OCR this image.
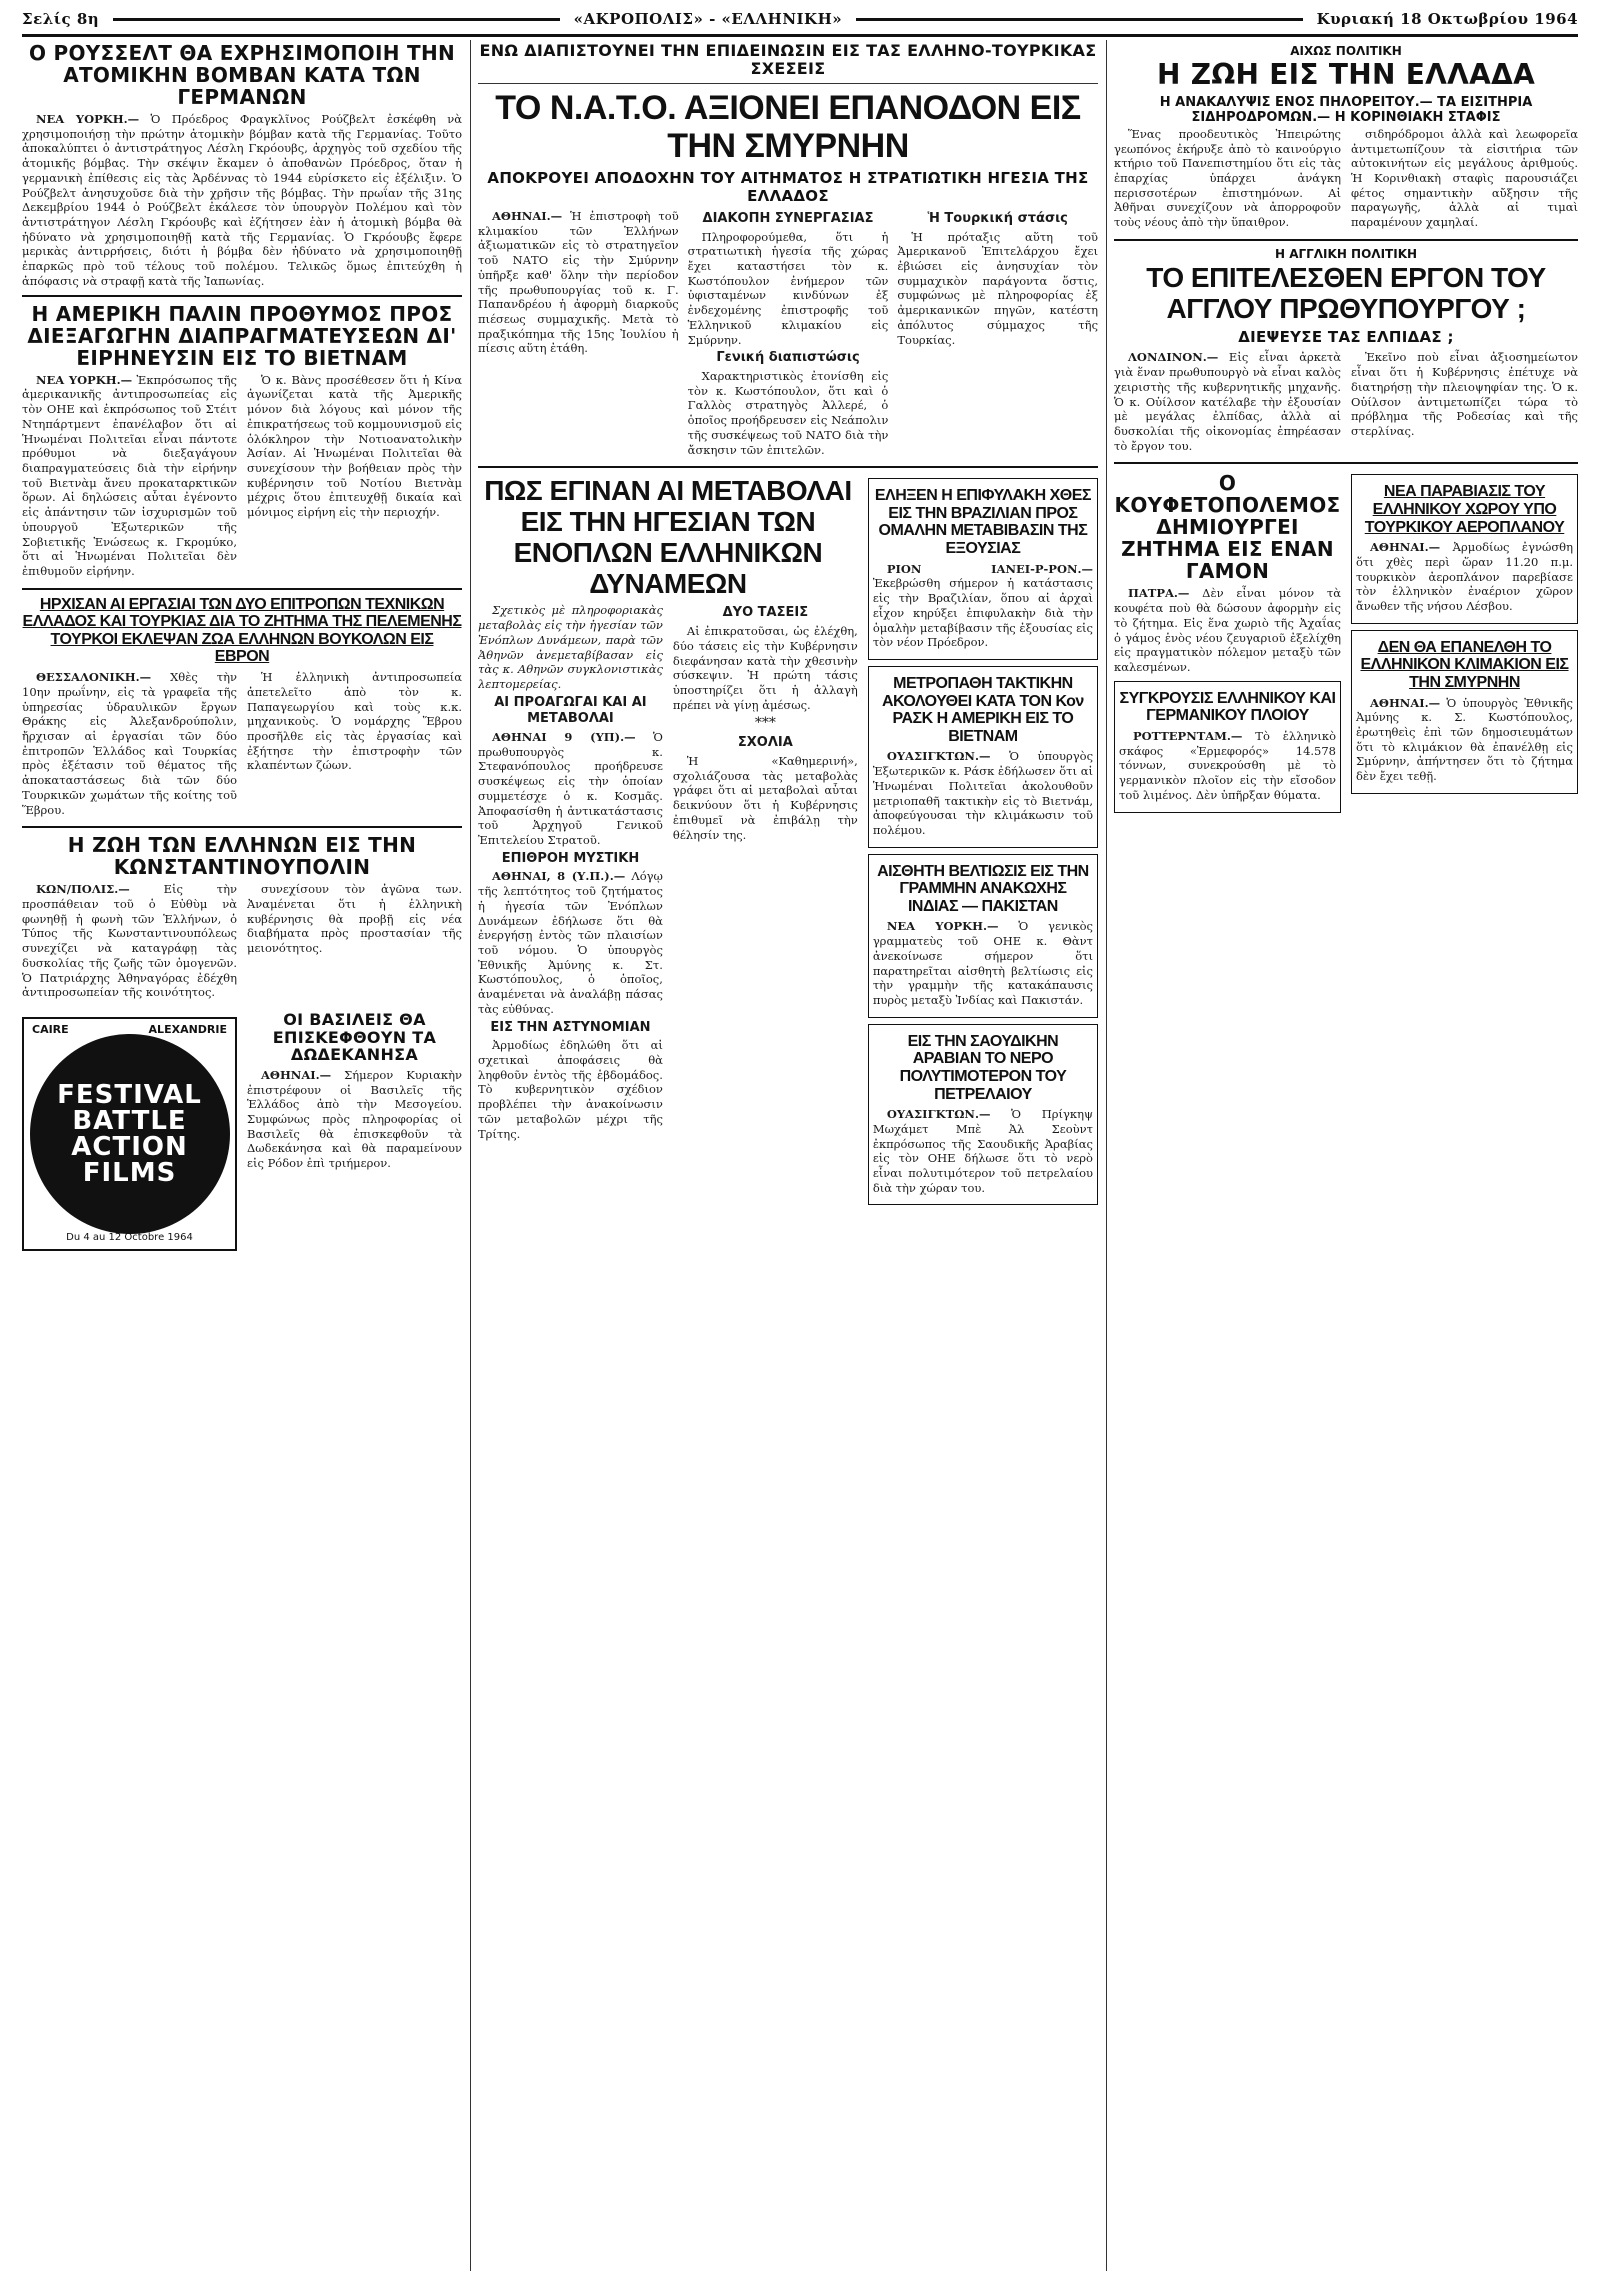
Σελίς 8η	«ΑΚΡΟΠΟΛΙΣ» - «ΕΛΛΗΝΙΚΗ»	Κυριακή 18 Οκτωβρίου 1964
Ο ΡΟΥΣΣΕΛΤ ΘΑ ΕΧΡΗΣΙΜΟΠΟΙΗ ΤΗΝ ΑΤΟΜΙΚΗΝ ΒΟΜΒΑΝ ΚΑΤΑ ΤΩΝ ΓΕΡΜΑΝΩΝ

ΝΕΑ ΥΟΡΚΗ.— Ὁ Πρόεδρος Φραγκλῖνος Ρούζβελτ ἐσκέφθη νὰ χρησιμοποιήσῃ τὴν πρώτην ἀτομικὴν βόμβαν κατὰ τῆς Γερμανίας. Τοῦτο ἀποκαλύπτει ὁ ἀντιστράτηγος Λέσλη Γκρόουβς, ἀρχηγὸς τοῦ σχεδίου τῆς ἀτομικῆς βόμβας. Τὴν σκέψιν ἔκαμεν ὁ ἀποθανὼν Πρόεδρος, ὅταν ἡ γερμανικὴ ἐπίθεσις εἰς τὰς Ἀρδέννας τὸ 1944 εὑρίσκετο εἰς ἐξέλιξιν. Ὁ Ρούζβελτ ἀνησυχοῦσε διὰ τὴν χρῆσιν τῆς βόμβας. Τὴν πρωΐαν τῆς 31ης Δεκεμβρίου 1944 ὁ Ρούζβελτ ἐκάλεσε τὸν ὑπουργὸν Πολέμου καὶ τὸν ἀντιστράτηγον Λέσλη Γκρόουβς καὶ ἐζήτησεν ἐὰν ἡ ἀτομικὴ βόμβα θὰ ἠδύνατο νὰ χρησιμοποιηθῇ κατὰ τῆς Γερμανίας. Ὁ Γκρόουβς ἔφερε μερικὰς ἀντιρρήσεις, διότι ἡ βόμβα δὲν ἠδύνατο νὰ χρησιμοποιηθῇ ἐπαρκῶς πρὸ τοῦ τέλους τοῦ πολέμου. Τελικῶς ὅμως ἐπιτεύχθη ἡ ἀπόφασις νὰ στραφῇ κατὰ τῆς Ἰαπωνίας.

Η ΑΜΕΡΙΚΗ ΠΑΛΙΝ ΠΡΟΘΥΜΟΣ ΠΡΟΣ ΔΙΕΞΑΓΩΓΗΝ ΔΙΑΠΡΑΓΜΑΤΕΥΣΕΩΝ ΔΙ' ΕΙΡΗΝΕΥΣΙΝ ΕΙΣ ΤΟ ΒΙΕΤΝΑΜ

ΝΕΑ ΥΟΡΚΗ.— Ἐκπρόσωπος τῆς ἀμερικανικῆς ἀντιπροσωπείας εἰς τὸν ΟΗΕ καὶ ἐκπρόσωπος τοῦ Στέιτ Ντηπάρτμεντ ἐπανέλαβον ὅτι αἱ Ἡνωμέναι Πολιτεῖαι εἶναι πάντοτε πρόθυμοι νὰ διεξαγάγουν διαπραγματεύσεις διὰ τὴν εἰρήνην τοῦ Βιετνὰμ ἄνευ προκαταρκτικῶν ὅρων. Αἱ δηλώσεις αὗται ἐγένοντο εἰς ἀπάντησιν τῶν ἰσχυρισμῶν τοῦ ὑπουργοῦ Ἐξωτερικῶν τῆς Σοβιετικῆς Ἑνώσεως κ. Γκρομύκο, ὅτι αἱ Ἡνωμέναι Πολιτεῖαι δὲν ἐπιθυμοῦν εἰρήνην.

Ὁ κ. Βὰνς προσέθεσεν ὅτι ἡ Κίνα ἀγωνίζεται κατὰ τῆς Ἀμερικῆς μόνον διὰ λόγους καὶ μόνον τῆς ἐπικρατήσεως τοῦ κομμουνισμοῦ εἰς ὁλόκληρον τὴν Νοτιοανατολικὴν Ἀσίαν. Αἱ Ἡνωμέναι Πολιτεῖαι θὰ συνεχίσουν τὴν βοήθειαν πρὸς τὴν κυβέρνησιν τοῦ Νοτίου Βιετνὰμ μέχρις ὅτου ἐπιτευχθῇ δικαία καὶ μόνιμος εἰρήνη εἰς τὴν περιοχήν.

ΗΡΧΙΣΑΝ ΑΙ ΕΡΓΑΣΙΑΙ ΤΩΝ ΔΥΟ ΕΠΙΤΡΟΠΩΝ ΤΕΧΝΙΚΩΝ ΕΛΛΑΔΟΣ ΚΑΙ ΤΟΥΡΚΙΑΣ ΔΙΑ ΤΟ ΖΗΤΗΜΑ ΤΗΣ ΠΕΛΕΜΕΝΗΣ ΤΟΥΡΚΟΙ ΕΚΛΕΨΑΝ ΖΩΑ ΕΛΛΗΝΩΝ ΒΟΥΚΟΛΩΝ ΕΙΣ ΕΒΡΟΝ

ΘΕΣΣΑΛΟΝΙΚΗ.— Χθὲς τὴν 10ην πρωΐνην, εἰς τὰ γραφεῖα τῆς ὑπηρεσίας ὑδραυλικῶν ἔργων Θράκης εἰς Ἀλεξανδρούπολιν, ἤρχισαν αἱ ἐργασίαι τῶν δύο ἐπιτροπῶν Ἑλλάδος καὶ Τουρκίας πρὸς ἐξέτασιν τοῦ θέματος τῆς ἀποκαταστάσεως διὰ τῶν δύο Τουρκικῶν χωμάτων τῆς κοίτης τοῦ Ἕβρου.

Ἡ ἑλληνικὴ ἀντιπροσωπεία ἀπετελεῖτο ἀπὸ τὸν κ. Παπαγεωργίου καὶ τοὺς κ.κ. μηχανικοὺς. Ὁ νομάρχης Ἕβρου προσῆλθε εἰς τὰς ἐργασίας καὶ ἐξήτησε τὴν ἐπιστροφὴν τῶν κλαπέντων ζώων.

Η ΖΩΗ ΤΩΝ ΕΛΛΗΝΩΝ ΕΙΣ ΤΗΝ ΚΩΝΣΤΑΝΤΙΝΟΥΠΟΛΙΝ

ΚΩΝ/ΠΟΛΙΣ.—	Εἰς τὴν προσπάθειαν τοῦ ὁ Εὐθὺμ νὰ φωνηθῇ ἡ φωνὴ τῶν Ἑλλήνων, ὁ Τύπος τῆς Κωνσταντινουπόλεως συνεχίζει νὰ καταγράφῃ τὰς δυσκολίας τῆς ζωῆς τῶν ὁμογενῶν. Ὁ Πατριάρχης Ἀθηναγόρας ἐδέχθη ἀντιπροσωπείαν τῆς κοινότητος.

συνεχίσουν τὸν ἀγῶνα των. Ἀναμένεται ὅτι ἡ ἑλληνικὴ κυβέρνησις θὰ προβῇ εἰς νέα διαβήματα πρὸς προστασίαν τῆς μειονότητος.

CAIRE	ALEXANDRIE
FESTIVAL
BATTLE
ACTION
FILMS
Du 4 au 12 Octobre 1964
ΟΙ ΒΑΣΙΛΕΙΣ ΘΑ ΕΠΙΣΚΕΦΘΟΥΝ ΤΑ ΔΩΔΕΚΑΝΗΣΑ

ΑΘΗΝΑΙ.— Σήμερον Κυριακὴν ἐπιστρέφουν οἱ Βασιλεῖς τῆς Ἑλλάδος ἀπὸ τὴν Μεσογείου. Συμφώνως πρὸς πληροφορίας οἱ Βασιλεῖς θὰ ἐπισκεφθοῦν τὰ Δωδεκάνησα καὶ θὰ παραμείνουν εἰς Ρόδον ἐπὶ τριήμερον.

ΕΝΩ ΔΙΑΠΙΣΤΟΥΝΕΙ ΤΗΝ ΕΠΙΔΕΙΝΩΣΙΝ ΕΙΣ ΤΑΣ ΕΛΛΗΝΟ-ΤΟΥΡΚΙΚΑΣ ΣΧΕΣΕΙΣ
ΤΟ Ν.Α.Τ.Ο. ΑΞΙΟΝΕΙ ΕΠΑΝΟΔΟΝ ΕΙΣ ΤΗΝ ΣΜΥΡΝΗΝ
ΑΠΟΚΡΟΥΕΙ ΑΠΟΔΟΧΗΝ ΤΟΥ ΑΙΤΗΜΑΤΟΣ Η ΣΤΡΑΤΙΩΤΙΚΗ ΗΓΕΣΙΑ ΤΗΣ ΕΛΛΑΔΟΣ

ΑΘΗΝΑΙ.— Ἡ ἐπιστροφὴ τοῦ κλιμακίου τῶν Ἑλλήνων ἀξιωματικῶν εἰς τὸ στρατηγεῖον τοῦ ΝΑΤΟ εἰς τὴν Σμύρνην ὑπῆρξε καθ' ὅλην τὴν περίοδον τῆς πρωθυπουργίας τοῦ κ. Γ. Παπανδρέου ἡ ἀφορμὴ διαρκοῦς πιέσεως συμμαχικῆς. Μετὰ τὸ πραξικόπημα τῆς 15ης Ἰουλίου ἡ πίεσις αὕτη ἐτάθη.

ΔΙΑΚΟΠΗ ΣΥΝΕΡΓΑΣΙΑΣ

Πληροφορούμεθα, ὅτι ἡ στρατιωτικὴ ἡγεσία τῆς χώρας ἔχει καταστήσει τὸν κ. Κωστόπουλον ἐνήμερον τῶν ὑφισταμένων κινδύνων ἐξ ἐνδεχομένης ἐπιστροφῆς τοῦ Ἑλληνικοῦ κλιμακίου εἰς Σμύρνην.

Γενική διαπιστώσις

Χαρακτηριστικὸς ἐτονίσθη εἰς τὸν κ. Κωστόπουλον, ὅτι καὶ ὁ Γαλλὸς στρατηγὸς Ἀλλερέ, ὁ ὁποῖος προήδρευσεν εἰς Νεάπολιν τῆς συσκέψεως τοῦ ΝΑΤΟ διὰ τὴν ἄσκησιν τῶν ἐπιτελῶν.

Ἡ Τουρκική στάσις

Ἡ πρόταξις αὕτη τοῦ Ἀμερικανοῦ Ἐπιτελάρχου ἔχει ἐβιώσει εἰς ἀνησυχίαν τὸν συμμαχικὸν παράγοντα ὅστις, συμφώνως μὲ πληροφορίας ἐξ ἀμερικανικῶν πηγῶν, κατέστη ἀπόλυτος σύμμαχος τῆς Τουρκίας.

ΠΩΣ ΕΓΙΝΑΝ ΑΙ ΜΕΤΑΒΟΛΑΙ ΕΙΣ ΤΗΝ ΗΓΕΣΙΑΝ ΤΩΝ ΕΝΟΠΛΩΝ ΕΛΛΗΝΙΚΩΝ ΔΥΝΑΜΕΩΝ

Σχετικὸς μὲ πληροφοριακὰς μεταβολὰς εἰς τὴν ἡγεσίαν τῶν Ἐνόπλων Δυνάμεων, παρὰ τῶν Ἀθηνῶν ἀνεμεταβίβασαν εἰς τὰς κ. Αθηνῶν συγκλονιστικὰς λεπτομερείας.

ΑΙ ΠΡΟΑΓΩΓΑΙ ΚΑΙ ΑΙ ΜΕΤΑΒΟΛΑΙ

ΑΘΗΝΑΙ 9 (ΥΠ).— Ὁ πρωθυπουργὸς κ. Στεφανόπουλος προήδρευσε συσκέψεως εἰς τὴν ὁποίαν συμμετέσχε ὁ κ. Κοσμᾶς. Ἀποφασίσθη ἡ ἀντικατάστασις τοῦ Ἀρχηγοῦ Γενικοῦ Ἐπιτελείου Στρατοῦ.

ΕΠΙΘΡΟΗ ΜΥΣΤΙΚΗ

ΑΘΗΝΑΙ, 8 (Υ.Π.).— Λόγῳ τῆς λεπτότητος τοῦ ζητήματος ἡ ἡγεσία τῶν Ἐνόπλων Δυνάμεων ἐδήλωσε ὅτι θὰ ἐνεργήσῃ ἐντὸς τῶν πλαισίων τοῦ νόμου. Ὁ ὑπουργὸς Ἐθνικῆς Ἀμύνης κ. Στ. Κωστόπουλος, ὁ ὁποῖος, ἀναμένεται νὰ ἀναλάβῃ πάσας τὰς εὐθύνας.

ΕΙΣ ΤΗΝ ΑΣΤΥΝΟΜΙΑΝ

Ἀρμοδίως ἐδηλώθη ὅτι αἱ σχετικαὶ ἀποφάσεις θὰ ληφθοῦν ἐντὸς τῆς ἑβδομάδος. Τὸ κυβερνητικὸν σχέδιον προβλέπει τὴν ἀνακοίνωσιν τῶν μεταβολῶν μέχρι τῆς Τρίτης.

ΔΥΟ ΤΑΣΕΙΣ

Αἱ ἐπικρατοῦσαι, ὡς ἐλέχθη, δύο τάσεις εἰς τὴν Κυβέρνησιν διεφάνησαν κατὰ τὴν χθεσινὴν σύσκεψιν. Ἡ πρώτη τάσις ὑποστηρίζει ὅτι ἡ ἀλλαγὴ πρέπει νὰ γίνῃ ἀμέσως.

***
ΣΧΟΛΙΑ

Ἡ «Καθημερινή», σχολιάζουσα τὰς μεταβολὰς γράφει ὅτι αἱ μεταβολαὶ αὗται δεικνύουν ὅτι ἡ Κυβέρνησις ἐπιθυμεῖ νὰ ἐπιβάλῃ τὴν θέλησίν της.

ΕΛΗΞΕΝ Η ΕΠΙΦΥΛΑΚΗ ΧΘΕΣ ΕΙΣ ΤΗΝ ΒΡΑΖΙΛΙΑΝ ΠΡΟΣ ΟΜΑΛΗΝ ΜΕΤΑΒΙΒΑΣΙΝ ΤΗΣ ΕΞΟΥΣΙΑΣ

ΡΙΟΝ ΙΑΝΕΙ-Ρ-ΡΟΝ.— Ἐκεβρώσθη σήμερον ἡ κατάστασις εἰς τὴν Βραζιλίαν, ὅπου αἱ ἀρχαὶ εἶχον κηρύξει ἐπιφυλακὴν διὰ τὴν ὁμαλὴν μεταβίβασιν τῆς ἐξουσίας εἰς τὸν νέον Πρόεδρον.

ΜΕΤΡΟΠΑΘΗ ΤΑΚΤΙΚΗΝ ΑΚΟΛΟΥΘΕΙ ΚΑΤΑ ΤΟΝ Κον ΡΑΣΚ Η ΑΜΕΡΙΚΗ ΕΙΣ ΤΟ ΒΙΕΤΝΑΜ

ΟΥΑΣΙΓΚΤΩΝ.— Ὁ ὑπουργὸς Ἐξωτερικῶν κ. Ράσκ ἐδήλωσεν ὅτι αἱ Ἡνωμέναι Πολιτεῖαι ἀκολουθοῦν μετριοπαθῆ τακτικὴν εἰς τὸ Βιετνάμ, ἀποφεύγουσαι τὴν κλιμάκωσιν τοῦ πολέμου.

ΑΙΣΘΗΤΗ ΒΕΛΤΙΩΣΙΣ ΕΙΣ ΤΗΝ ΓΡΑΜΜΗΝ ΑΝΑΚΩΧΗΣ ΙΝΔΙΑΣ — ΠΑΚΙΣΤΑΝ

ΝΕΑ ΥΟΡΚΗ.— Ὁ γενικὸς γραμματεὺς τοῦ ΟΗΕ κ. Θὰντ ἀνεκοίνωσε σήμερον ὅτι παρατηρεῖται αἰσθητὴ βελτίωσις εἰς τὴν γραμμὴν τῆς κατακάπαυσις πυρὸς μεταξὺ Ἰνδίας καὶ Πακιστάν.

ΕΙΣ ΤΗΝ ΣΑΟΥΔΙΚΗΝ ΑΡΑΒΙΑΝ ΤΟ ΝΕΡΟ ΠΟΛΥΤΙΜΟΤΕΡΟΝ ΤΟΥ ΠΕΤΡΕΛΑΙΟΥ

ΟΥΑΣΙΓΚΤΩΝ.— Ὁ Πρίγκηψ Μωχάμετ Μπὲ Ἀλ Σεοὺντ ἐκπρόσωπος τῆς Σαουδικῆς Ἀραβίας εἰς τὸν ΟΗΕ δήλωσε ὅτι τὸ νερὸ εἶναι πολυτιμότερον τοῦ πετρελαίου διὰ τὴν χώραν του.

ΑΙΧΩΣ ΠΟΛΙΤΙΚΗ
Η ΖΩΗ ΕΙΣ ΤΗΝ ΕΛΛΑΔΑ
Η ΑΝΑΚΑΛΥΨΙΣ ΕΝΟΣ ΠΗΛΟΡΕΙΤΟΥ.— ΤΑ ΕΙΣΙΤΗΡΙΑ ΣΙΔΗΡΟΔΡΟΜΩΝ.— Η ΚΟΡΙΝΘΙΑΚΗ ΣΤΑΦΙΣ

Ἕνας προοδευτικὸς Ἠπειρώτης γεωπόνος ἐκήρυξε ἀπὸ τὸ καινούργιο κτήριο τοῦ Πανεπιστημίου ὅτι εἰς τὰς ἐπαρχίας ὑπάρχει ἀνάγκη περισσοτέρων ἐπιστημόνων. Αἱ Ἀθῆναι συνεχίζουν νὰ ἀπορροφοῦν τοὺς νέους ἀπὸ τὴν ὕπαιθρον.

σιδηρόδρομοι ἀλλὰ καὶ λεωφορεῖα ἀντιμετωπίζουν τὰ εἰσιτήρια τῶν αὐτοκινήτων εἰς μεγάλους ἀριθμούς. Ἡ Κορινθιακὴ σταφὶς παρουσιάζει φέτος σημαντικὴν αὔξησιν τῆς παραγωγῆς, ἀλλὰ αἱ τιμαὶ παραμένουν χαμηλαί.

Η ΑΓΓΛΙΚΗ ΠΟΛΙΤΙΚΗ
ΤΟ ΕΠΙΤΕΛΕΣΘΕΝ ΕΡΓΟΝ ΤΟΥ ΑΓΓΛΟΥ ΠΡΩΘΥΠΟΥΡΓΟΥ ;
ΔΙΕΨΕΥΣΕ ΤΑΣ ΕΛΠΙΔΑΣ ;

ΛΟΝΔΙΝΟΝ.— Εἰς εἶναι ἀρκετὰ γιὰ ἕναν πρωθυπουργὸ νὰ εἶναι καλὸς χειριστὴς τῆς κυβερνητικῆς μηχανῆς. Ὁ κ. Οὐίλσον κατέλαβε τὴν ἐξουσίαν μὲ μεγάλας ἐλπίδας, ἀλλὰ αἱ δυσκολίαι τῆς οἰκονομίας ἐπηρέασαν τὸ ἔργον του.

Ἐκεῖνο ποὺ εἶναι ἀξιοσημείωτον εἶναι ὅτι ἡ Κυβέρνησις ἐπέτυχε νὰ διατηρήσῃ τὴν πλειοψηφίαν της. Ὁ κ. Οὐίλσον ἀντιμετωπίζει τώρα τὸ πρόβλημα τῆς Ροδεσίας καὶ τῆς στερλίνας.

Ο ΚΟΥΦΕΤΟΠΟΛΕΜΟΣ ΔΗΜΙΟΥΡΓΕΙ ΖΗΤΗΜΑ ΕΙΣ ΕΝΑΝ ΓΑΜΟΝ

ΠΑΤΡΑ.— Δὲν εἶναι μόνον τὰ κουφέτα ποὺ θὰ δώσουν ἀφορμὴν εἰς τὸ ζήτημα. Εἰς ἕνα χωριὸ τῆς Ἀχαΐας ὁ γάμος ἑνὸς νέου ζευγαριοῦ ἐξελίχθη εἰς πραγματικὸν πόλεμον μεταξὺ τῶν καλεσμένων.

ΣΥΓΚΡΟΥΣΙΣ ΕΛΛΗΝΙΚΟΥ ΚΑΙ ΓΕΡΜΑΝΙΚΟΥ ΠΛΟΙΟΥ

ΡΟΤΤΕΡΝΤΑΜ.— Τὸ ἑλληνικὸ σκάφος «Ἐρμεφορός» 14.578 τόννων, συνεκρούσθη μὲ τὸ γερμανικὸν πλοῖον εἰς τὴν εἴσοδον τοῦ λιμένος. Δὲν ὑπῆρξαν θύματα.

ΝΕΑ ΠΑΡΑΒΙΑΣΙΣ ΤΟΥ ΕΛΛΗΝΙΚΟΥ ΧΩΡΟΥ ΥΠΟ ΤΟΥΡΚΙΚΟΥ ΑΕΡΟΠΛΑΝΟΥ

ΑΘΗΝΑΙ.— Ἀρμοδίως ἐγνώσθη ὅτι χθὲς περὶ ὥραν 11.20 π.μ. τουρκικὸν ἀεροπλάνον παρεβίασε τὸν ἑλληνικὸν ἐναέριον χῶρον ἄνωθεν τῆς νήσου Λέσβου.

ΔΕΝ ΘΑ ΕΠΑΝΕΛΘΗ ΤΟ ΕΛΛΗΝΙΚΟΝ ΚΛΙΜΑΚΙΟΝ ΕΙΣ ΤΗΝ ΣΜΥΡΝΗΝ

ΑΘΗΝΑΙ.— Ὁ ὑπουργὸς Ἐθνικῆς Ἀμύνης κ. Σ. Κωστόπουλος, ἐρωτηθεὶς ἐπὶ τῶν δημοσιευμάτων ὅτι τὸ κλιμάκιον θὰ ἐπανέλθῃ εἰς Σμύρνην, ἀπήντησεν ὅτι τὸ ζήτημα δὲν ἔχει τεθῇ.
